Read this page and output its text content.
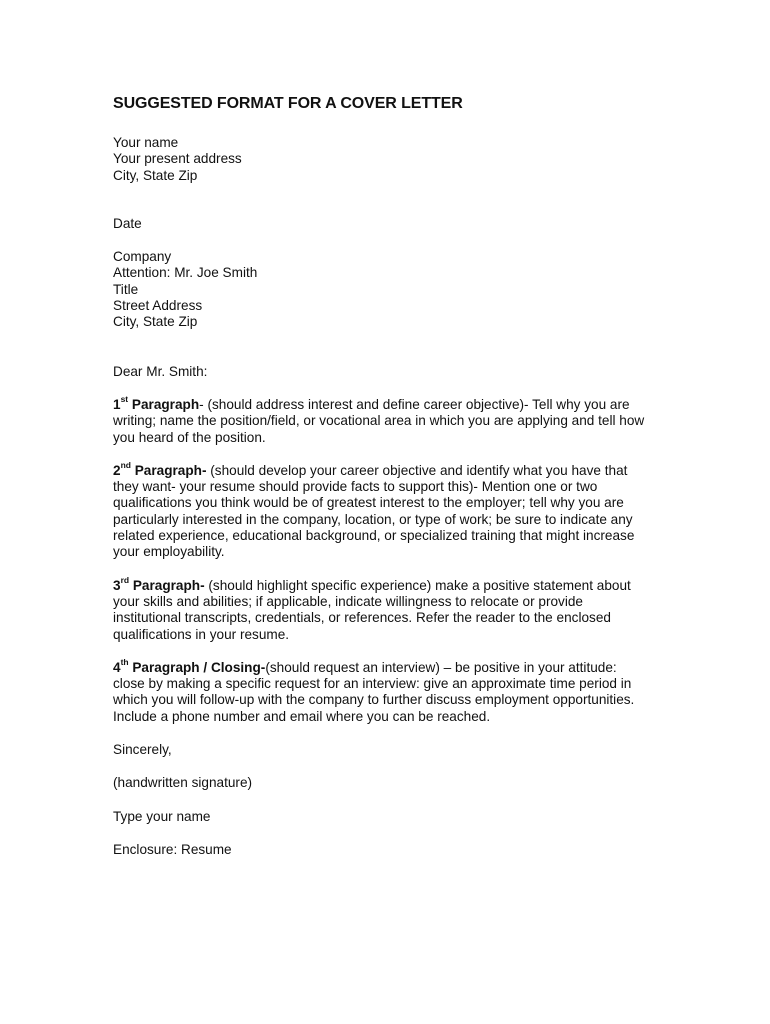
SUGGESTED FORMAT FOR A COVER LETTER
Your name
Your present address
City, State Zip
Date
Company
Attention: Mr. Joe Smith
Title
Street Address
City, State Zip
Dear Mr. Smith:
1st Paragraph- (should address interest and define career objective)- Tell why you are
writing; name the position/field, or vocational area in which you are applying and tell how
you heard of the position.
2nd Paragraph- (should develop your career objective and identify what you have that
they want- your resume should provide facts to support this)- Mention one or two
qualifications you think would be of greatest interest to the employer; tell why you are
particularly interested in the company, location, or type of work; be sure to indicate any
related experience, educational background, or specialized training that might increase
your employability.
3rd Paragraph- (should highlight specific experience) make a positive statement about
your skills and abilities; if applicable, indicate willingness to relocate or provide
institutional transcripts, credentials, or references. Refer the reader to the enclosed
qualifications in your resume.
4th Paragraph / Closing-(should request an interview) – be positive in your attitude:
close by making a specific request for an interview: give an approximate time period in
which you will follow-up with the company to further discuss employment opportunities.
Include a phone number and email where you can be reached.
Sincerely,
(handwritten signature)
Type your name
Enclosure: Resume
